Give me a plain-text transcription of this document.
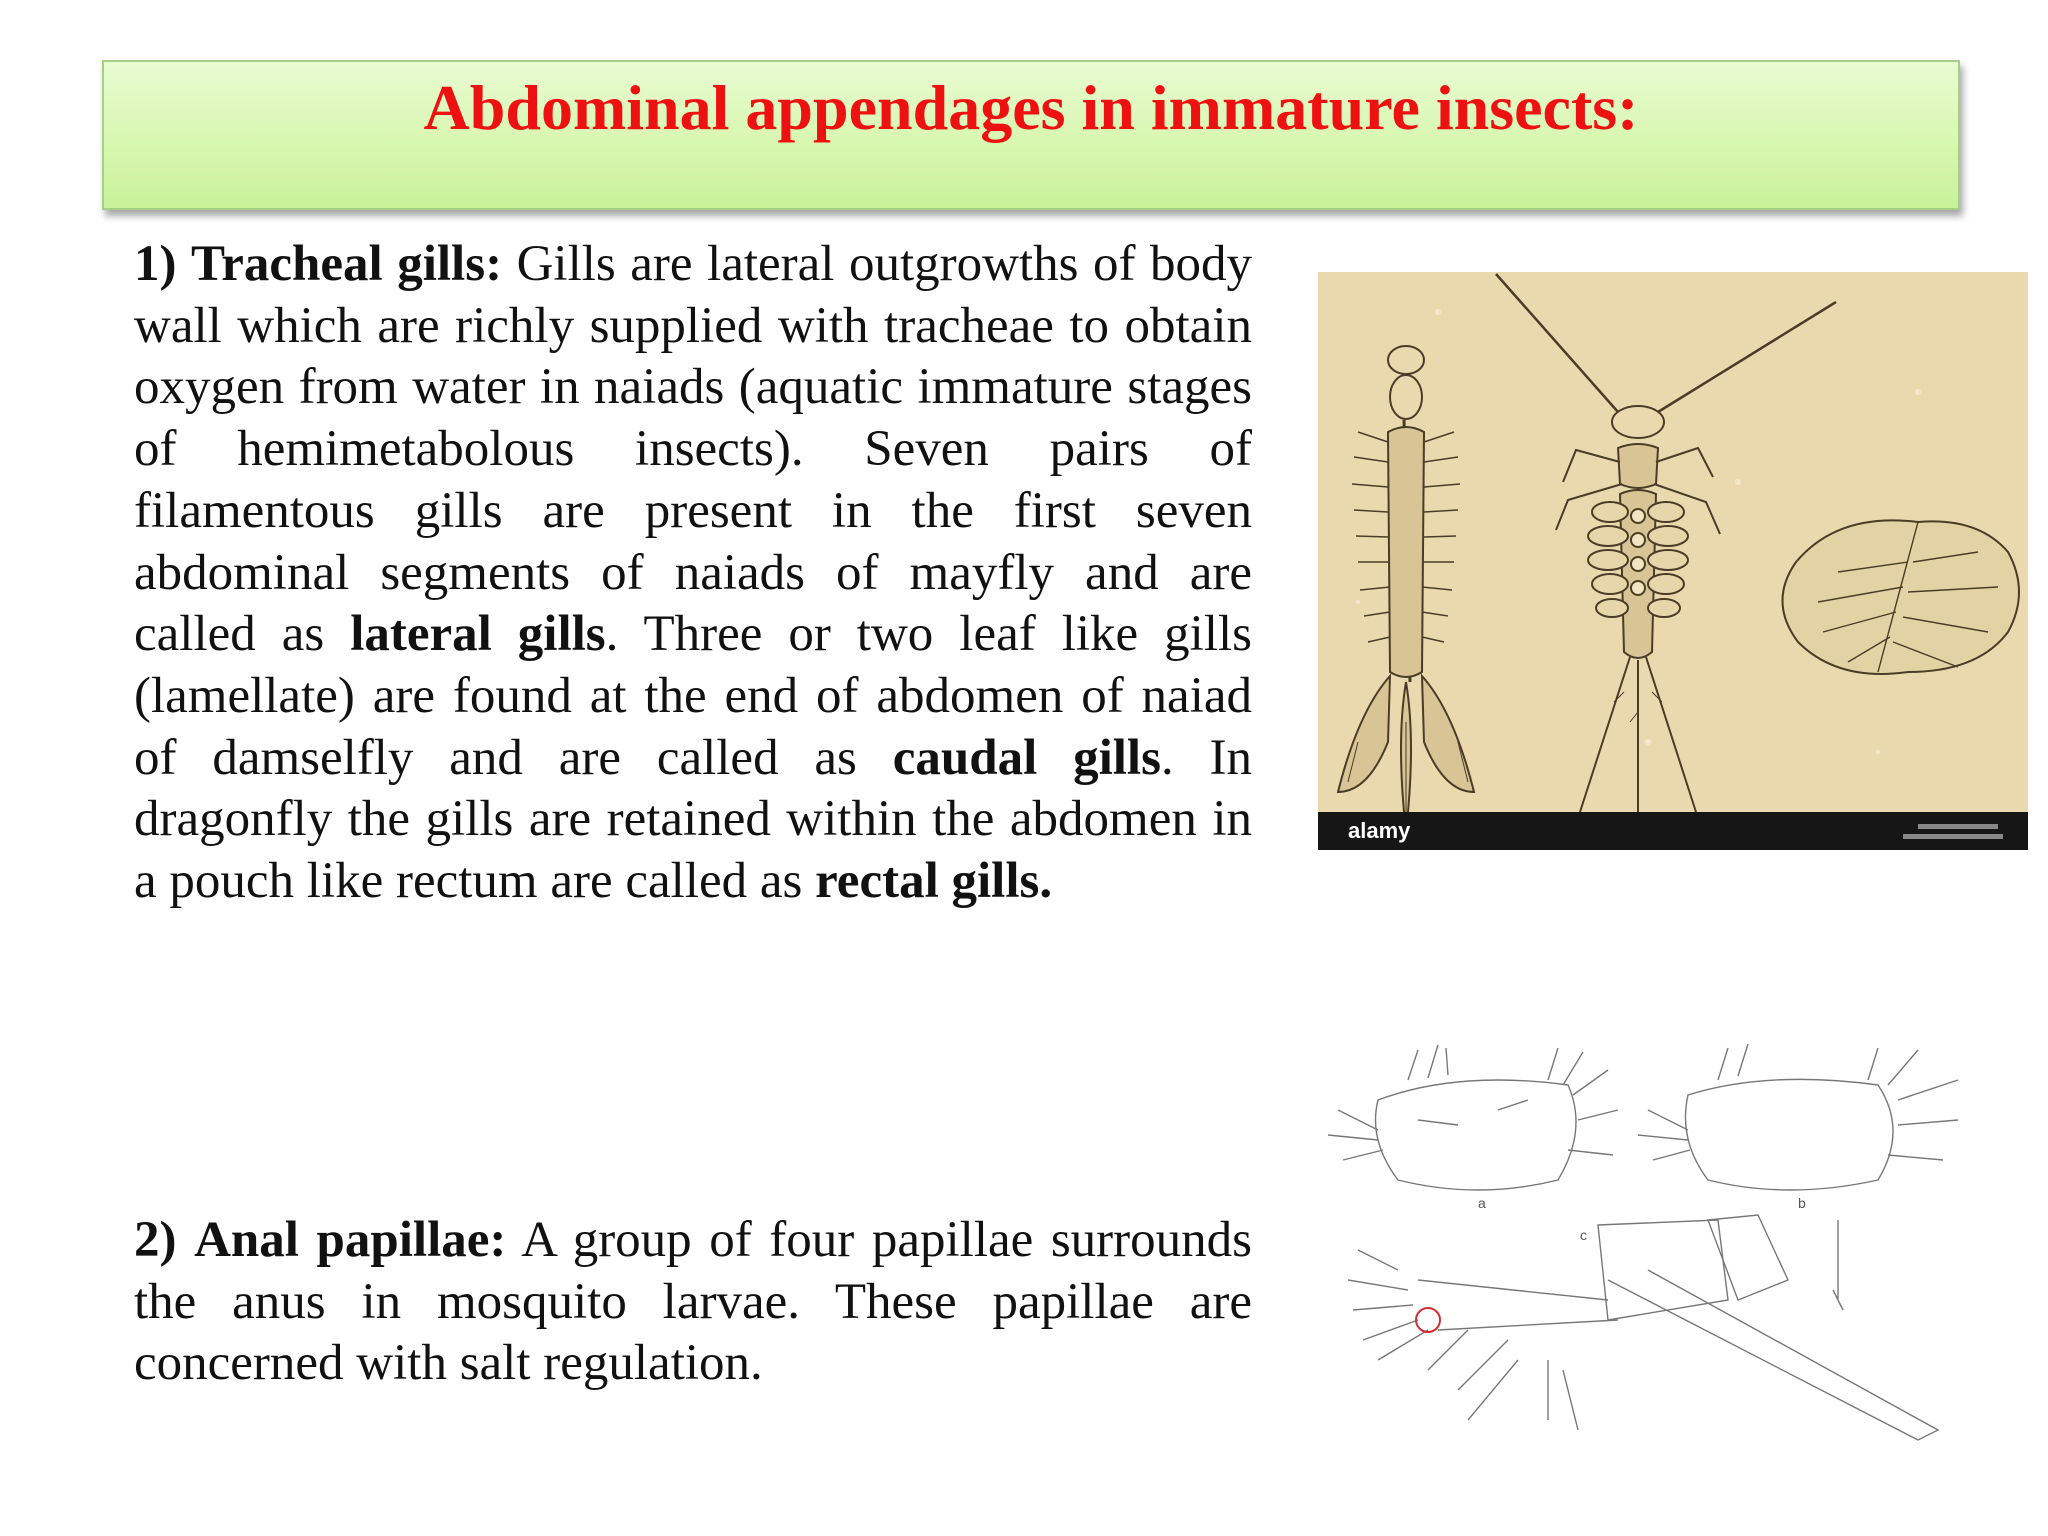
Abdominal appendages in immature insects:

1) Tracheal gills: Gills are lateral outgrowths of body wall which are richly supplied with tracheae to obtain oxygen from water in naiads (aquatic immature stages of hemimetabolous insects). Seven pairs of filamentous gills are present in the first seven abdominal segments of naiads of mayfly and are called as lateral gills. Three or two leaf like gills (lamellate) are found at the end of abdomen of naiad of damselfly and are called as caudal gills. In dragonfly the gills are retained within the abdomen in a pouch like rectum are called as rectal gills.

2) Anal papillae: A group of four papillae surrounds the anus in mosquito larvae. These papillae are concerned with salt regulation.

alamy
a	b
c
